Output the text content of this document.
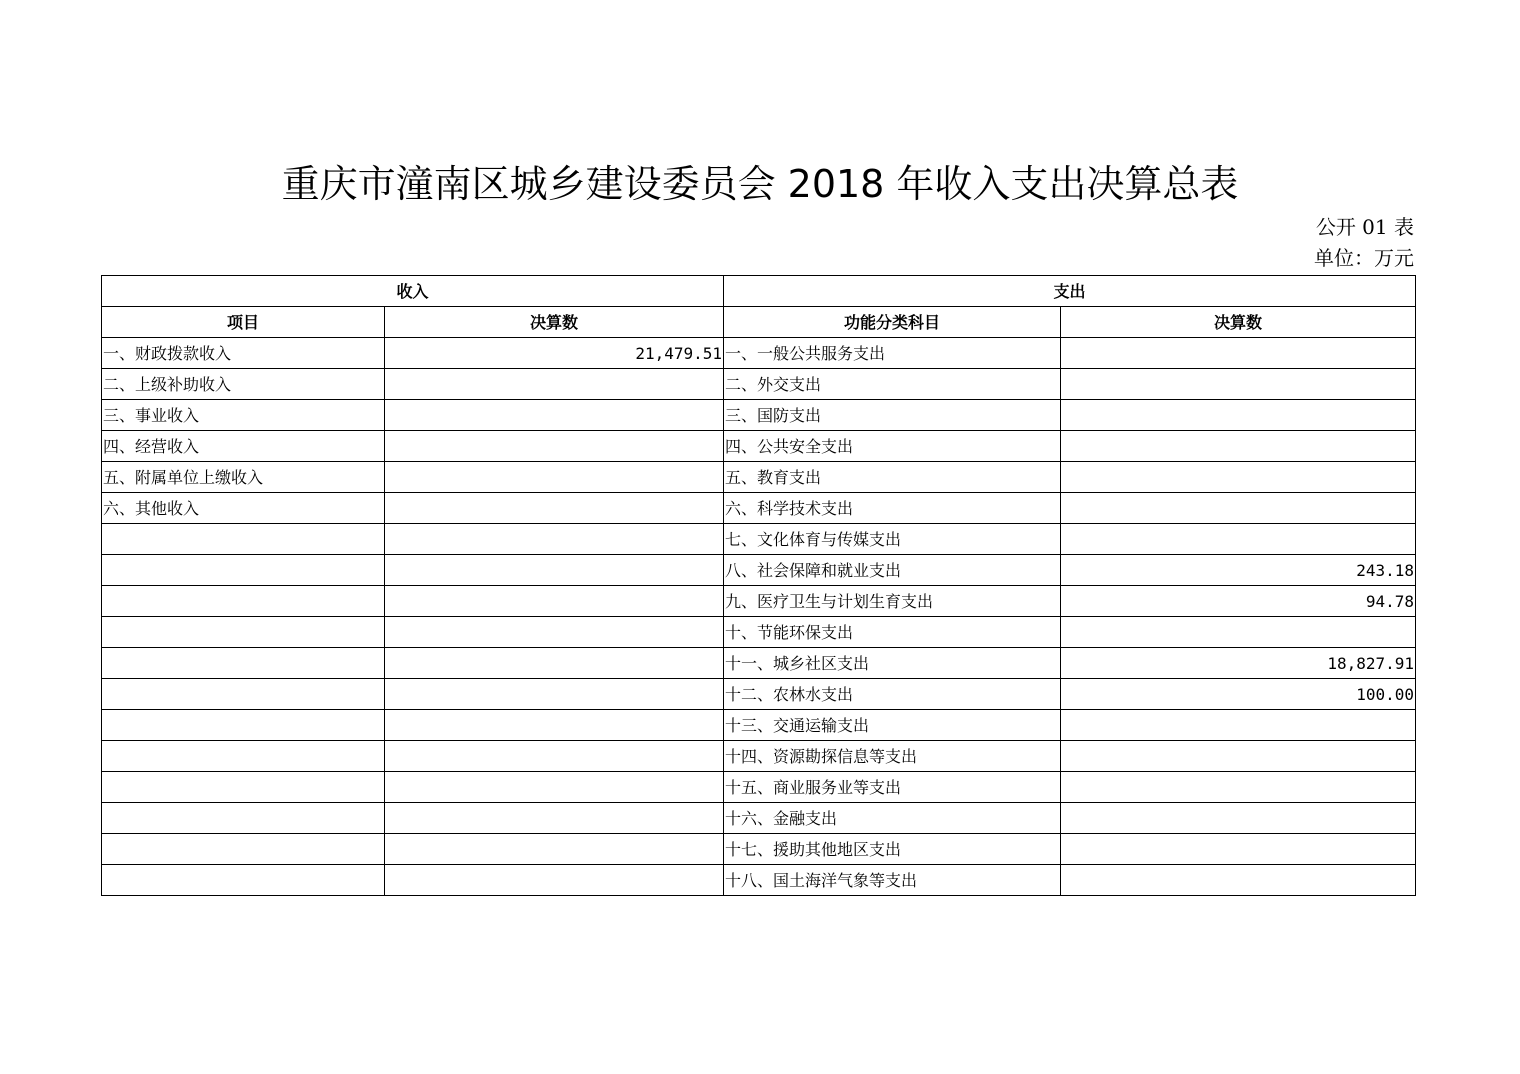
重庆市潼南区城乡建设委员会 2018 年收入支出决算总表
公开 01 表
单位：万元
收入		支出	
项目	决算数	功能分类科目	决算数
一、财政拨款收入	21,479.51	一、一般公共服务支出	
二、上级补助收入		二、外交支出	
三、事业收入		三、国防支出	
四、经营收入		四、公共安全支出	
五、附属单位上缴收入		五、教育支出	
六、其他收入		六、科学技术支出	
		七、文化体育与传媒支出	
		八、社会保障和就业支出	243.18
		九、医疗卫生与计划生育支出	94.78
		十、节能环保支出	
		十一、城乡社区支出	18,827.91
		十二、农林水支出	100.00
		十三、交通运输支出	
		十四、资源勘探信息等支出	
		十五、商业服务业等支出	
		十六、金融支出	
		十七、援助其他地区支出	
		十八、国土海洋气象等支出	
